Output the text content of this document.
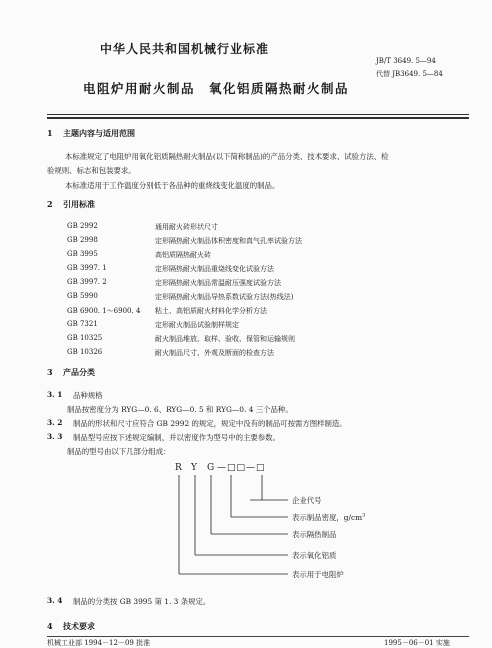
中华人民共和国机械行业标准
JB/T 3649. 5—94
代替 JB3649. 5—84
电阻炉用耐火制品　氧化铝质隔热耐火制品
1 主题内容与适用范围
本标准规定了电阻炉用氧化铝质隔热耐火制品(以下简称制品)的产品分类、技术要求、试验方法、检
验规则、标志和包装要求。
本标准适用于工作温度分别低于各品种的重烧线变化温度的制品。
2 引用标准
GB 2992	通用耐火砖形状尺寸
GB 2998	定形隔热耐火制品体积密度和真气孔率试验方法
GB 3995	高铝质隔热耐火砖
GB 3997. 1	定形隔热耐火制品重烧线变化试验方法
GB 3997. 2	定形隔热耐火制品常温耐压强度试验方法
GB 5990	定形隔热耐火制品导热系数试验方法(热线法)
GB 6900. 1～6900. 4 粘土、高铝质耐火材料化学分析方法
GB 7321	定形耐火制品试验制样规定
GB 10325	耐火制品堆放、取样、验收、保管和运输规则
GB 10326	耐火制品尺寸、外观及断面的检查方法
3 产品分类
3. 1 品种规格
制品按密度分为 RYG—0. 6、RYG—0. 5 和 RYG—0. 4 三个品种。
3. 2 制品的形状和尺寸应符合 GB 2992 的规定，规定中没有的制品可按需方图样制造。
3. 3 制品型号应按下述规定编制，并以密度作为型号中的主要参数。
制品的型号由以下几部分组成：
R Y G —□□—□
企业代号
表示制品密度，$g/cm^3$
表示隔热制品
表示氧化铝质
表示用于电阻炉
3. 4 制品的分类按 GB 3995 第 1. 3 条规定。
4 技术要求
机械工业部 1994－12－09 批准	1995－06－01 实施
